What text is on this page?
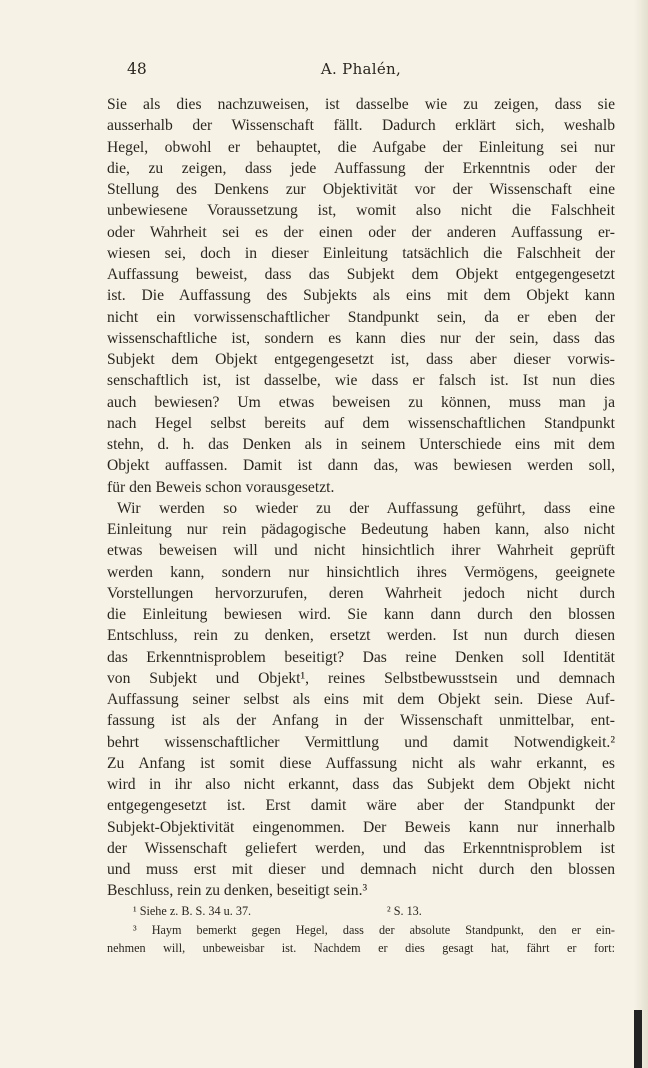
48	A. Phalén,
Sie als dies nachzuweisen, ist dasselbe wie zu zeigen, dass sie
ausserhalb der Wissenschaft fällt. Dadurch erklärt sich, weshalb
Hegel, obwohl er behauptet, die Aufgabe der Einleitung sei nur
die, zu zeigen, dass jede Auffassung der Erkenntnis oder der
Stellung des Denkens zur Objektivität vor der Wissenschaft eine
unbewiesene Voraussetzung ist, womit also nicht die Falschheit
oder Wahrheit sei es der einen oder der anderen Auffassung er-
wiesen sei, doch in dieser Einleitung tatsächlich die Falschheit der
Auffassung beweist, dass das Subjekt dem Objekt entgegengesetzt
ist. Die Auffassung des Subjekts als eins mit dem Objekt kann
nicht ein vorwissenschaftlicher Standpunkt sein, da er eben der
wissenschaftliche ist, sondern es kann dies nur der sein, dass das
Subjekt dem Objekt entgegengesetzt ist, dass aber dieser vorwis-
senschaftlich ist, ist dasselbe, wie dass er falsch ist. Ist nun dies
auch bewiesen? Um etwas beweisen zu können, muss man ja
nach Hegel selbst bereits auf dem wissenschaftlichen Standpunkt
stehn, d. h. das Denken als in seinem Unterschiede eins mit dem
Objekt auffassen. Damit ist dann das, was bewiesen werden soll,
für den Beweis schon vorausgesetzt.
Wir werden so wieder zu der Auffassung geführt, dass eine
Einleitung nur rein pädagogische Bedeutung haben kann, also nicht
etwas beweisen will und nicht hinsichtlich ihrer Wahrheit geprüft
werden kann, sondern nur hinsichtlich ihres Vermögens, geeignete
Vorstellungen hervorzurufen, deren Wahrheit jedoch nicht durch
die Einleitung bewiesen wird. Sie kann dann durch den blossen
Entschluss, rein zu denken, ersetzt werden. Ist nun durch diesen
das Erkenntnisproblem beseitigt? Das reine Denken soll Identität
von Subjekt und Objekt¹, reines Selbstbewusstsein und demnach
Auffassung seiner selbst als eins mit dem Objekt sein. Diese Auf-
fassung ist als der Anfang in der Wissenschaft unmittelbar, ent-
behrt wissenschaftlicher Vermittlung und damit Notwendigkeit.²
Zu Anfang ist somit diese Auffassung nicht als wahr erkannt, es
wird in ihr also nicht erkannt, dass das Subjekt dem Objekt nicht
entgegengesetzt ist. Erst damit wäre aber der Standpunkt der
Subjekt-Objektivität eingenommen. Der Beweis kann nur innerhalb
der Wissenschaft geliefert werden, und das Erkenntnisproblem ist
und muss erst mit dieser und demnach nicht durch den blossen
Beschluss, rein zu denken, beseitigt sein.³
¹ Siehe z. B. S. 34 u. 37.	² S. 13.
³ Haym bemerkt gegen Hegel, dass der absolute Standpunkt, den er ein-
nehmen will, unbeweisbar ist. Nachdem er dies gesagt hat, fährt er fort:
